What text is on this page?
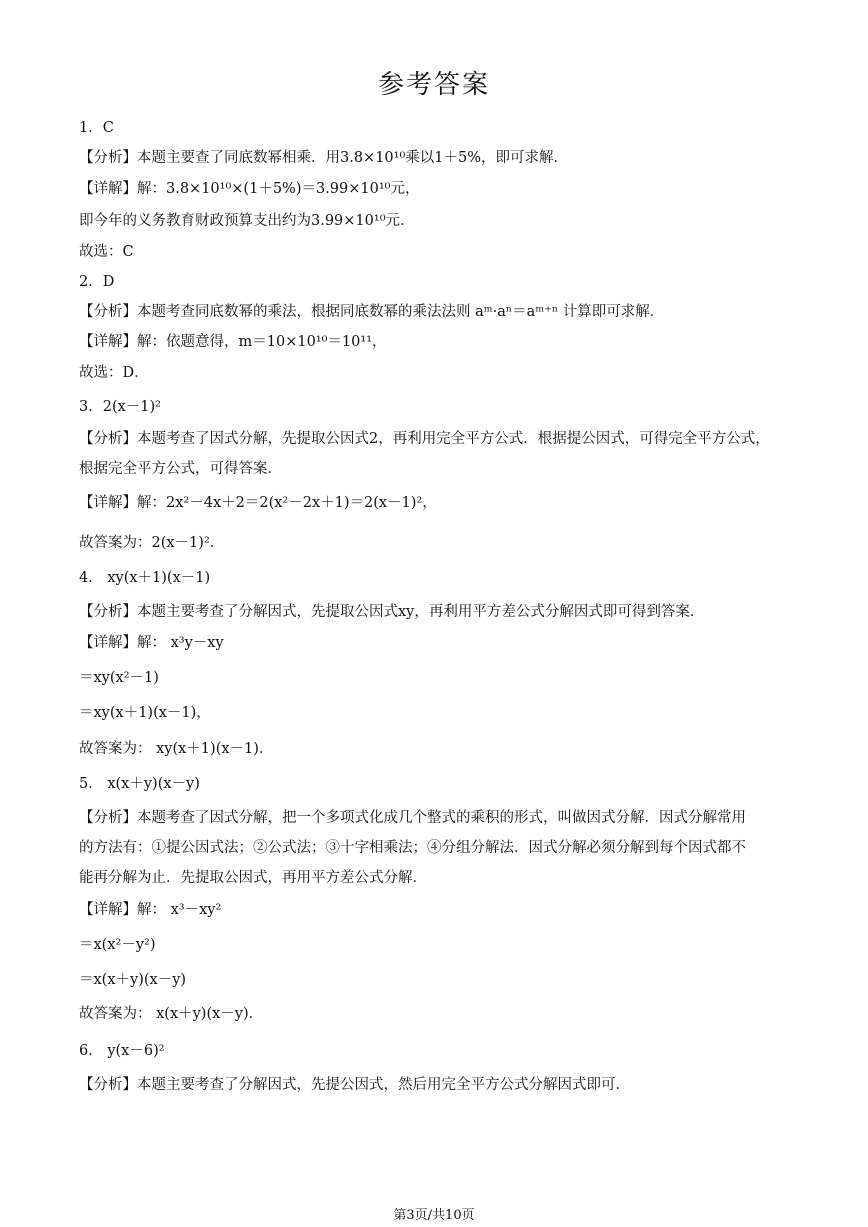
参考答案
1．C
【分析】本题主要查了同底数幂相乘．用3.8×10¹⁰乘以1＋5%，即可求解．
【详解】解：3.8×10¹⁰×(1＋5%)＝3.99×10¹⁰元，
即今年的义务教育财政预算支出约为3.99×10¹⁰元．
故选：C
2．D
【分析】本题考查同底数幂的乘法，根据同底数幂的乘法法则 aᵐ·aⁿ＝aᵐ⁺ⁿ 计算即可求解．
【详解】解：依题意得，m＝10×10¹⁰＝10¹¹，
故选：D．
3．2(x－1)²
【分析】本题考查了因式分解，先提取公因式2，再利用完全平方公式．根据提公因式，可得完全平方公式，
根据完全平方公式，可得答案．
【详解】解：2x²－4x＋2＝2(x²－2x＋1)＝2(x－1)²，
故答案为：2(x－1)²．
4． xy(x＋1)(x－1)
【分析】本题主要考查了分解因式，先提取公因式xy，再利用平方差公式分解因式即可得到答案．
【详解】解： x³y－xy
＝xy(x²－1)
＝xy(x＋1)(x－1)，
故答案为： xy(x＋1)(x－1)．
5． x(x＋y)(x－y)
【分析】本题考查了因式分解，把一个多项式化成几个整式的乘积的形式，叫做因式分解．因式分解常用
的方法有：①提公因式法；②公式法；③十字相乘法；④分组分解法．因式分解必须分解到每个因式都不
能再分解为止．先提取公因式，再用平方差公式分解．
【详解】解： x³－xy²
＝x(x²－y²)
＝x(x＋y)(x－y)
故答案为： x(x＋y)(x－y)．
6． y(x－6)²
【分析】本题主要考查了分解因式，先提公因式，然后用完全平方公式分解因式即可．
第3页/共10页
